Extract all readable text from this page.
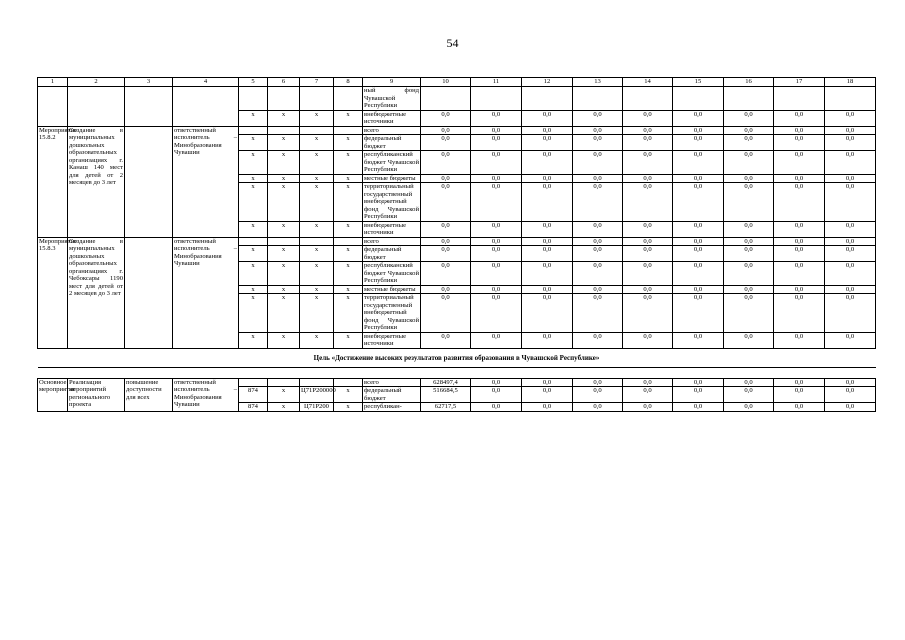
54
1	2	3	4	5	6	7	8	9	10	11	12	13	14	15	16	17	18
								ный фонд Чувашской Республики									
				х	х	х	х	внебюджетные источники	0,0	0,0	0,0	0,0	0,0	0,0	0,0	0,0	0,0
Мероприятие 15.8.2	Создание в муниципальных дошкольных образовательных организациях г. Канаш 140 мест для детей от 2 месяцев до 3 лет		ответственный исполнитель – Минобразования Чувашии					всего	0,0	0,0	0,0	0,0	0,0	0,0	0,0	0,0	0,0
				х	х	х	х	федеральный бюджет	0,0	0,0	0,0	0,0	0,0	0,0	0,0	0,0	0,0
				х	х	х	х	республиканский бюджет Чувашской Республики	0,0	0,0	0,0	0,0	0,0	0,0	0,0	0,0	0,0
				х	х	х	х	местные бюджеты	0,0	0,0	0,0	0,0	0,0	0,0	0,0	0,0	0,0
				х	х	х	х	территориальный государственный внебюджетный фонд Чувашской Республики	0,0	0,0	0,0	0,0	0,0	0,0	0,0	0,0	0,0
				х	х	х	х	внебюджетные источники	0,0	0,0	0,0	0,0	0,0	0,0	0,0	0,0	0,0
Мероприятие 15.8.3	Создание в муниципальных дошкольных образовательных организациях г. Чебоксары 1190 мест для детей от 2 месяцев до 3 лет		ответственный исполнитель – Минобразования Чувашии					всего	0,0	0,0	0,0	0,0	0,0	0,0	0,0	0,0	0,0
				х	х	х	х	федеральный бюджет	0,0	0,0	0,0	0,0	0,0	0,0	0,0	0,0	0,0
				х	х	х	х	республиканский бюджет Чувашской Республики	0,0	0,0	0,0	0,0	0,0	0,0	0,0	0,0	0,0
				х	х	х	х	местные бюджеты	0,0	0,0	0,0	0,0	0,0	0,0	0,0	0,0	0,0
				х	х	х	х	территориальный государственный внебюджетный фонд Чувашской Республики	0,0	0,0	0,0	0,0	0,0	0,0	0,0	0,0	0,0
				х	х	х	х	внебюджетные источники	0,0	0,0	0,0	0,0	0,0	0,0	0,0	0,0	0,0
Цель «Достижение высоких результатов развития образования в Чувашской Республике»																	

Основное мероприятие	Реализация мероприятий регионального проекта	повышение доступности для всех	ответственный исполнитель – Минобразования Чувашии					всего	628497,4	0,0	0,0	0,0	0,0	0,0	0,0	0,0	0,0
				874	х	Ц71Р200000	х	федеральный бюджет	516684,5	0,0	0,0	0,0	0,0	0,0	0,0	0,0	0,0
				874	х	Ц71Р200	х	республикан-	62717,5	0,0	0,0	0,0	0,0	0,0	0,0	0,0	0,0
